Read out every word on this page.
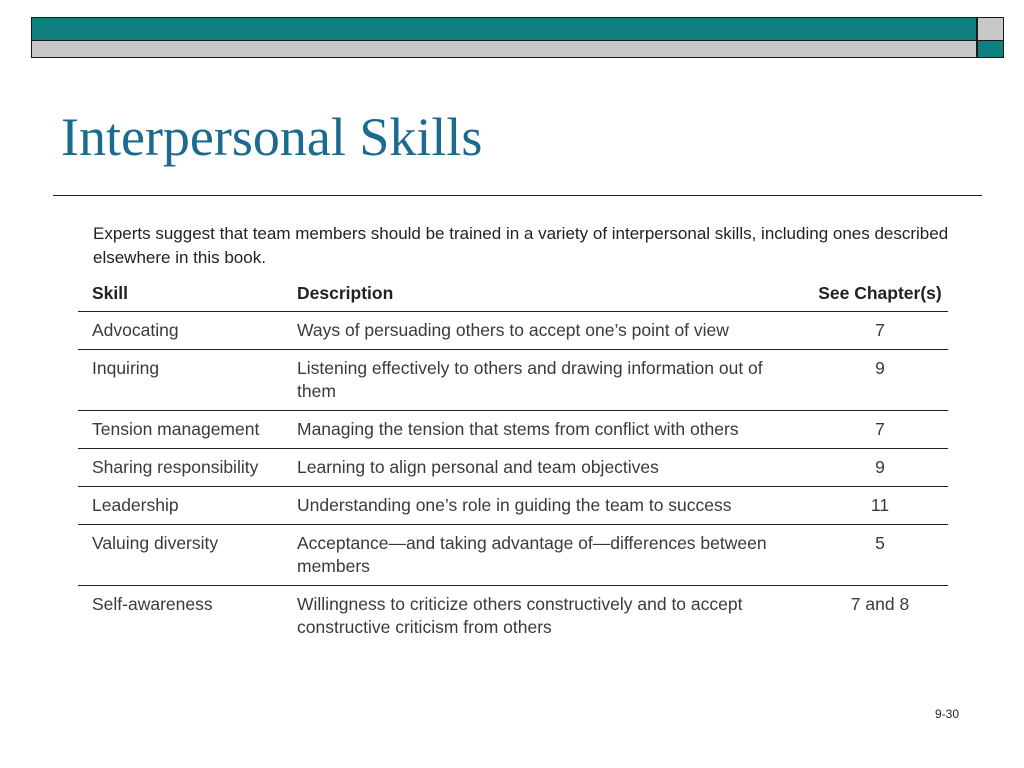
Interpersonal Skills
Experts suggest that team members should be trained in a variety of interpersonal skills, including ones described elsewhere in this book.
Skill	Description	See Chapter(s)
Advocating	Ways of persuading others to accept one’s point of view	7
Inquiring	Listening effectively to others and drawing information out of them	9
Tension management	Managing the tension that stems from conflict with others	7
Sharing responsibility	Learning to align personal and team objectives	9
Leadership	Understanding one’s role in guiding the team to success	11
Valuing diversity	Acceptance—and taking advantage of—differences between members	5
Self-awareness	Willingness to criticize others constructively and to accept constructive criticism from others	7 and 8
9-30
